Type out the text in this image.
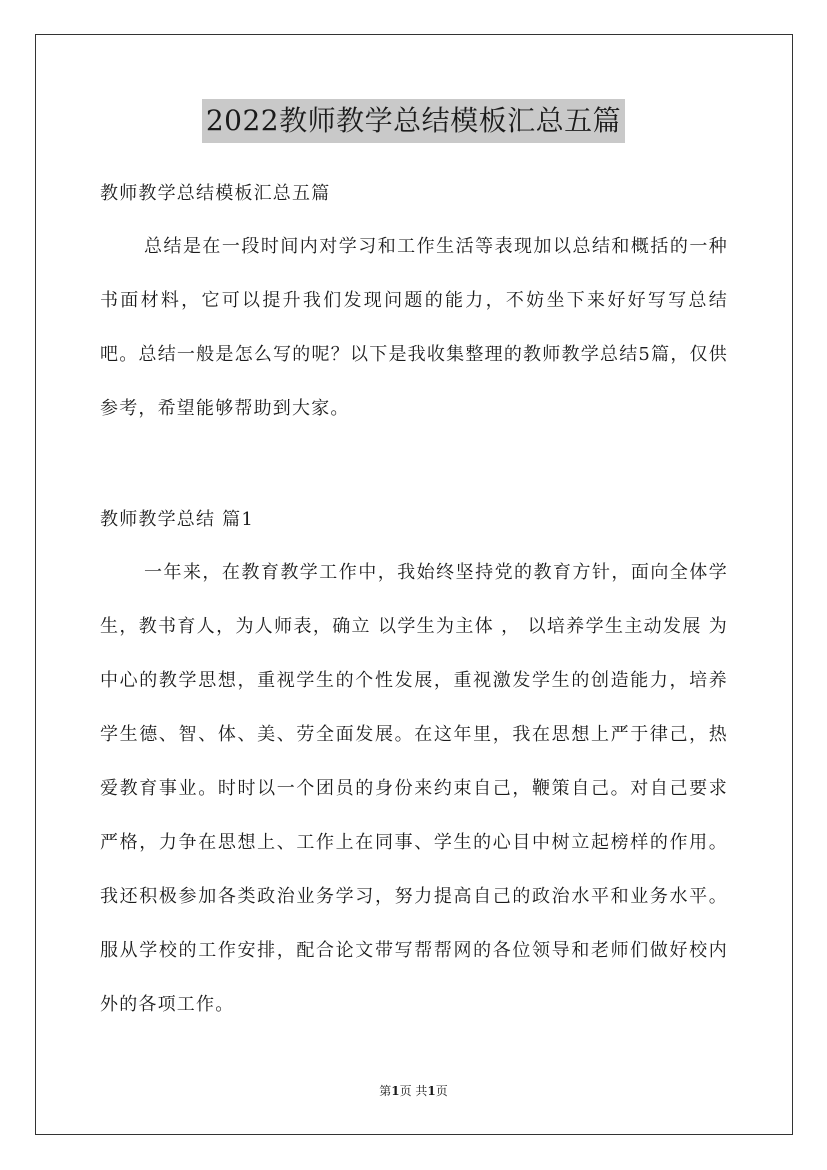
2022教师教学总结模板汇总五篇
教师教学总结模板汇总五篇

总结是在一段时间内对学习和工作生活等表现加以总结和概括的一种书面材料，它可以提升我们发现问题的能力，不妨坐下来好好写写总结吧。总结一般是怎么写的呢？以下是我收集整理的教师教学总结5篇，仅供参考，希望能够帮助到大家。

教师教学总结 篇1

一年来，在教育教学工作中，我始终坚持党的教育方针，面向全体学生，教书育人，为人师表，确立 以学生为主体 ， 以培养学生主动发展 为中心的教学思想，重视学生的个性发展，重视激发学生的创造能力，培养学生德、智、体、美、劳全面发展。在这年里，我在思想上严于律己，热爱教育事业。时时以一个团员的身份来约束自己，鞭策自己。对自己要求严格，力争在思想上、工作上在同事、学生的心目中树立起榜样的作用。我还积极参加各类政治业务学习，努力提高自己的政治水平和业务水平。服从学校的工作安排，配合论文带写帮帮网的各位领导和老师们做好校内外的各项工作。

第1页 共1页
